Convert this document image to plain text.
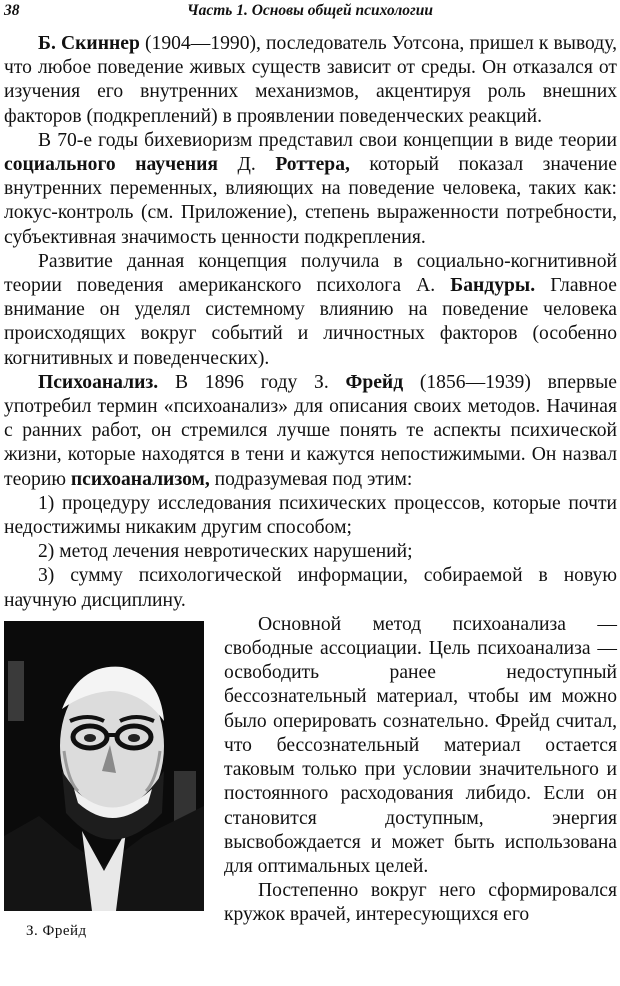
38	Часть 1. Основы общей психологии

Б. Скиннер (1904—1990), последователь Уотсона, пришел к выводу, что любое поведение живых существ зависит от среды. Он отказался от изучения его внутренних механизмов, акцентируя роль внешних факторов (подкреплений) в проявлении поведенческих реакций.

В 70-е годы бихевиоризм представил свои концепции в виде теории социального научения Д. Роттера, который показал значение внутренних переменных, влияющих на поведение человека, таких как: локус-контроль (см. Приложение), степень выраженности потребности, субъективная значимость ценности подкрепления.

Развитие данная концепция получила в социально-когнитивной теории поведения американского психолога А. Бандуры. Главное внимание он уделял системному влиянию на поведение человека происходящих вокруг событий и личностных факторов (особенно когнитивных и поведенческих).

Психоанализ. В 1896 году З. Фрейд (1856—1939) впервые употребил термин «психоанализ» для описания своих методов. Начиная с ранних работ, он стремился лучше понять те аспекты психической жизни, которые находятся в тени и кажутся непостижимыми. Он назвал теорию психоанализом, подразумевая под этим:

1) процедуру исследования психических процессов, которые почти недостижимы никаким другим способом;

2) метод лечения невротических нарушений;

3) сумму психологической информации, собираемой в новую научную дисциплину.

З. Фрейд

Основной метод психоанализа — свободные ассоциации. Цель психоанализа — освободить ранее недоступный бессознательный материал, чтобы им можно было оперировать сознательно. Фрейд считал, что бессознательный материал остается таковым только при условии значительного и постоянного расходования либидо. Если он становится доступным, энергия высвобождается и может быть использована для оптимальных целей.

Постепенно вокруг него сформировался кружок врачей, интересующихся его
